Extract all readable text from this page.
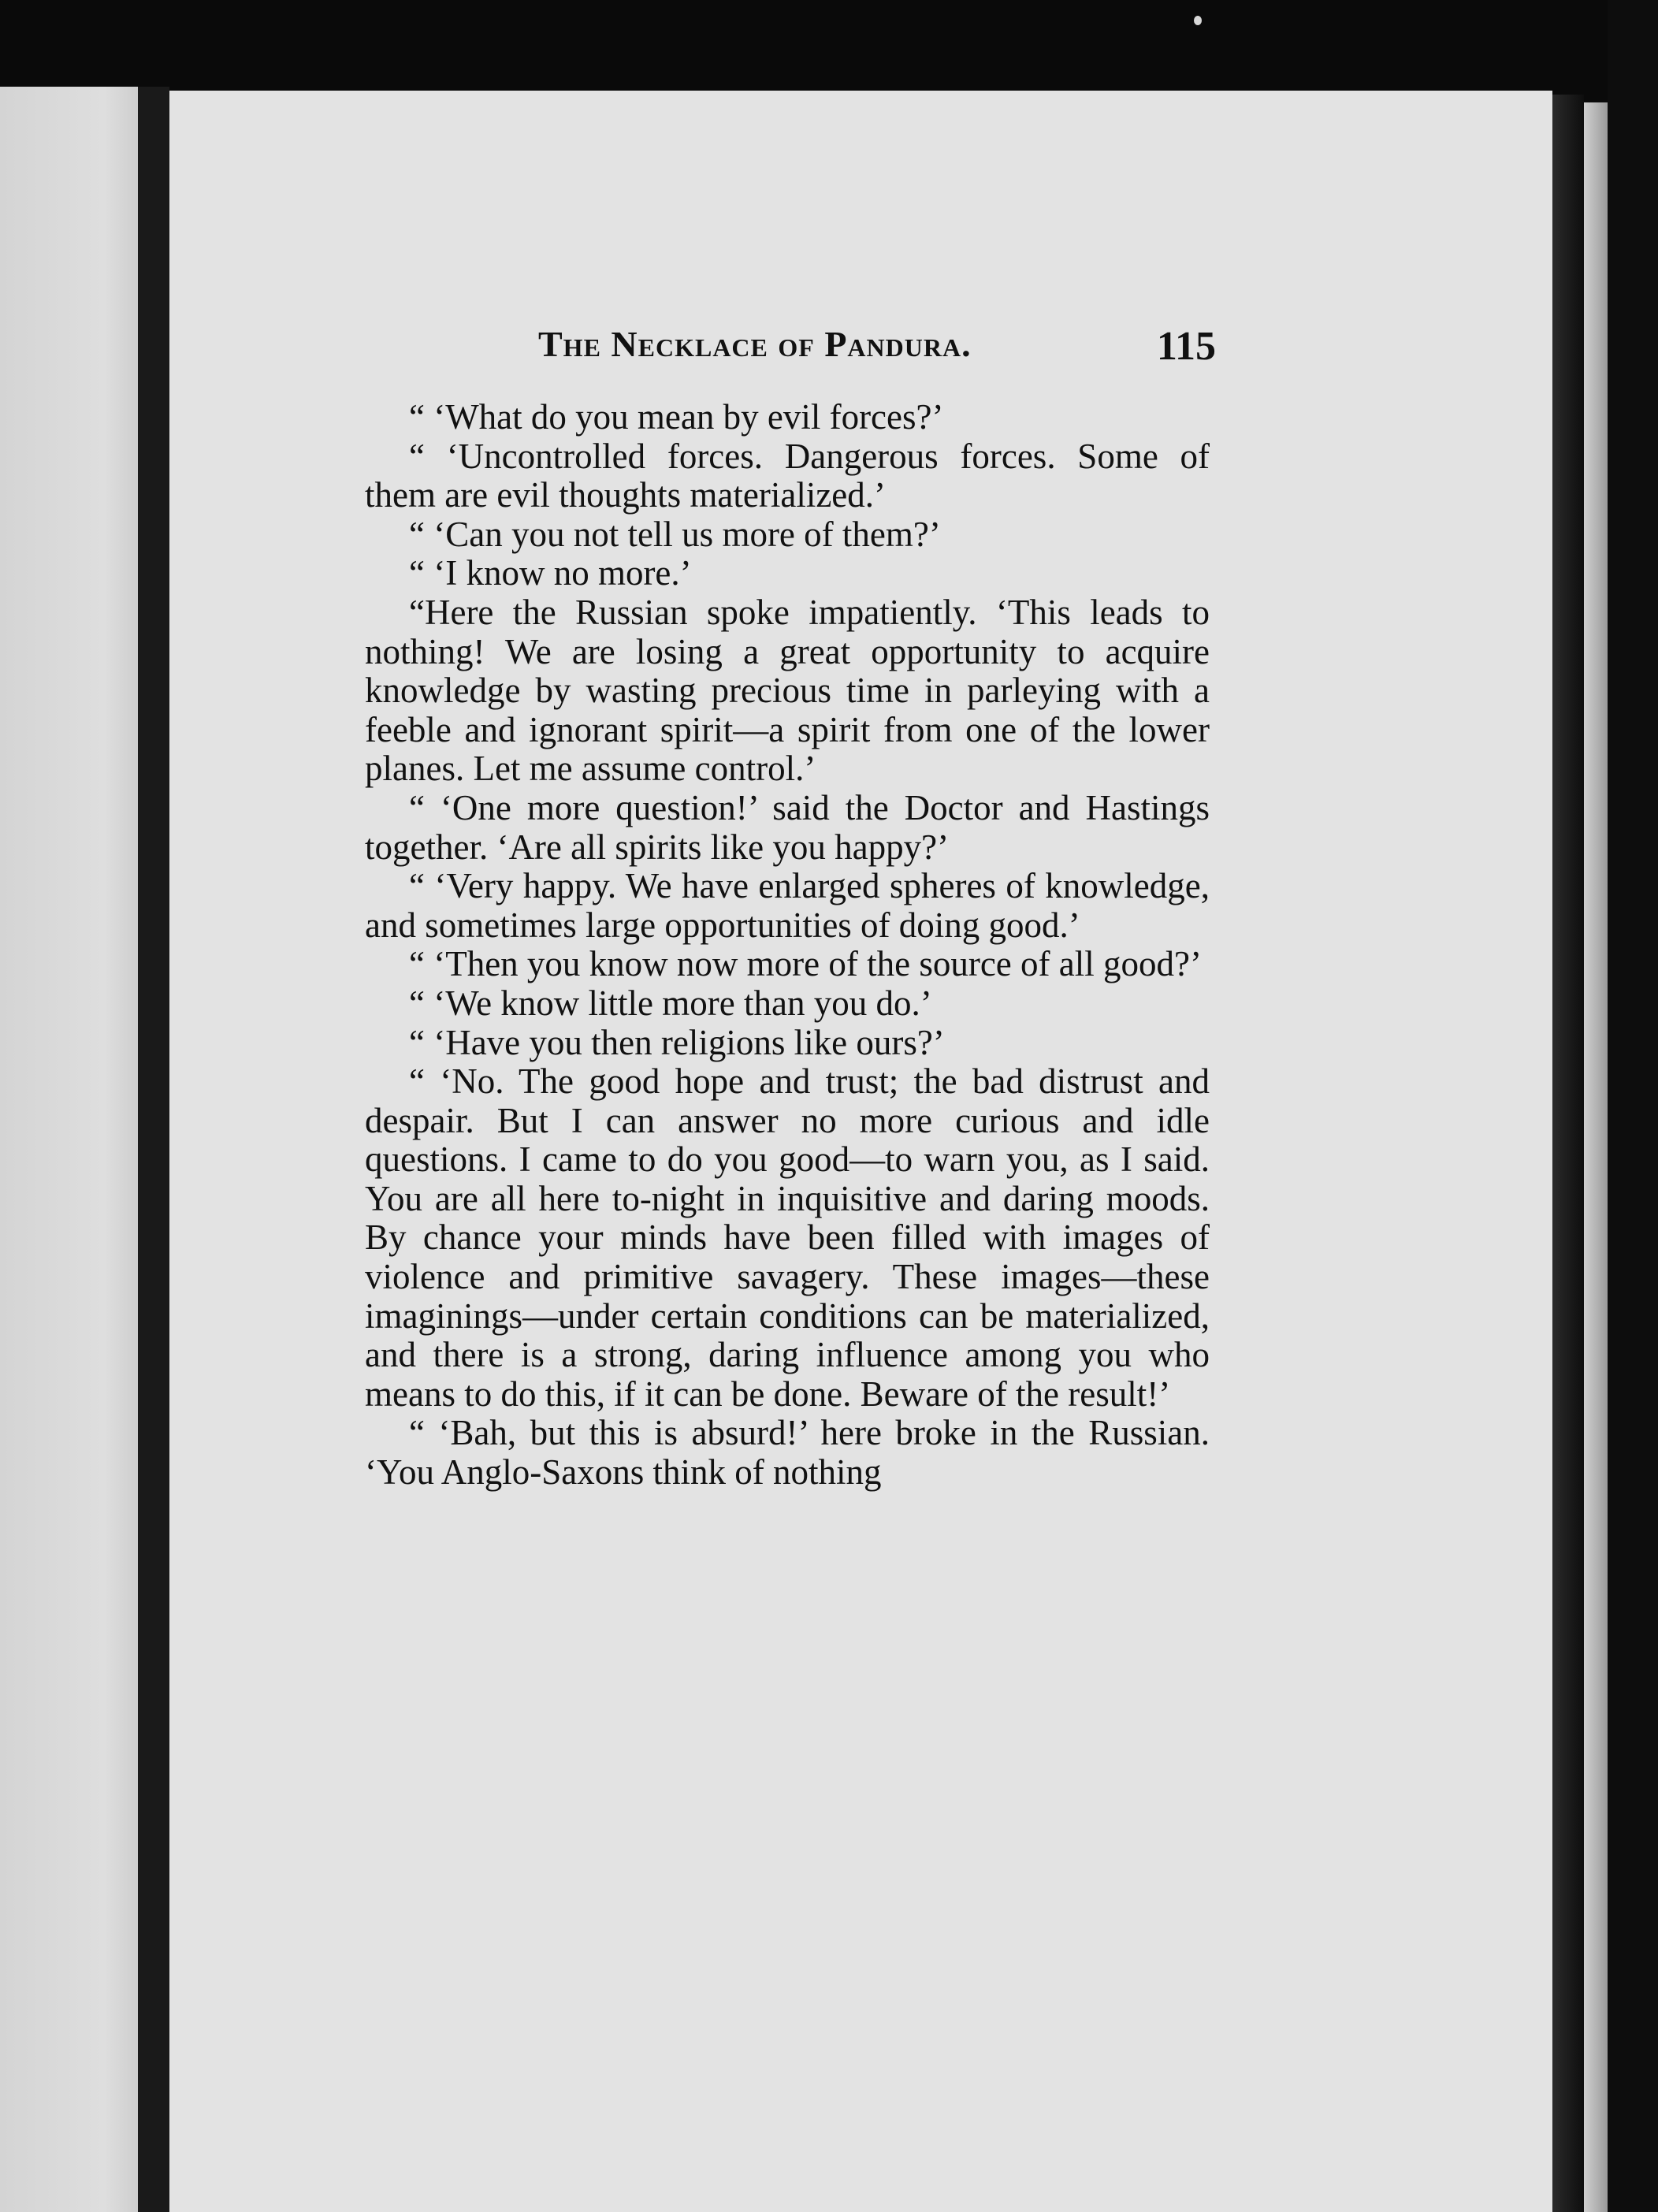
The Necklace of Pandura.	115

“ ‘What do you mean by evil forces?’

“ ‘Uncontrolled forces. Dangerous forces. Some of them are evil thoughts materialized.’

“ ‘Can you not tell us more of them?’

“ ‘I know no more.’

“Here the Russian spoke impatiently. ‘This leads to nothing! We are losing a great opportunity to acquire knowledge by wasting precious time in parleying with a feeble and ignorant spirit—a spirit from one of the lower planes. Let me assume control.’

“ ‘One more question!’ said the Doctor and Hastings together. ‘Are all spirits like you happy?’

“ ‘Very happy. We have enlarged spheres of knowledge, and sometimes large opportunities of doing good.’

“ ‘Then you know now more of the source of all good?’

“ ‘We know little more than you do.’

“ ‘Have you then religions like ours?’

“ ‘No. The good hope and trust; the bad distrust and despair. But I can answer no more curious and idle questions. I came to do you good—to warn you, as I said. You are all here to-night in inquisitive and daring moods. By chance your minds have been filled with images of violence and primitive savagery. These images—these imaginings—under certain conditions can be materialized, and there is a strong, daring influence among you who means to do this, if it can be done. Beware of the result!’

“ ‘Bah, but this is absurd!’ here broke in the Russian. ‘You Anglo-Saxons think of nothing
